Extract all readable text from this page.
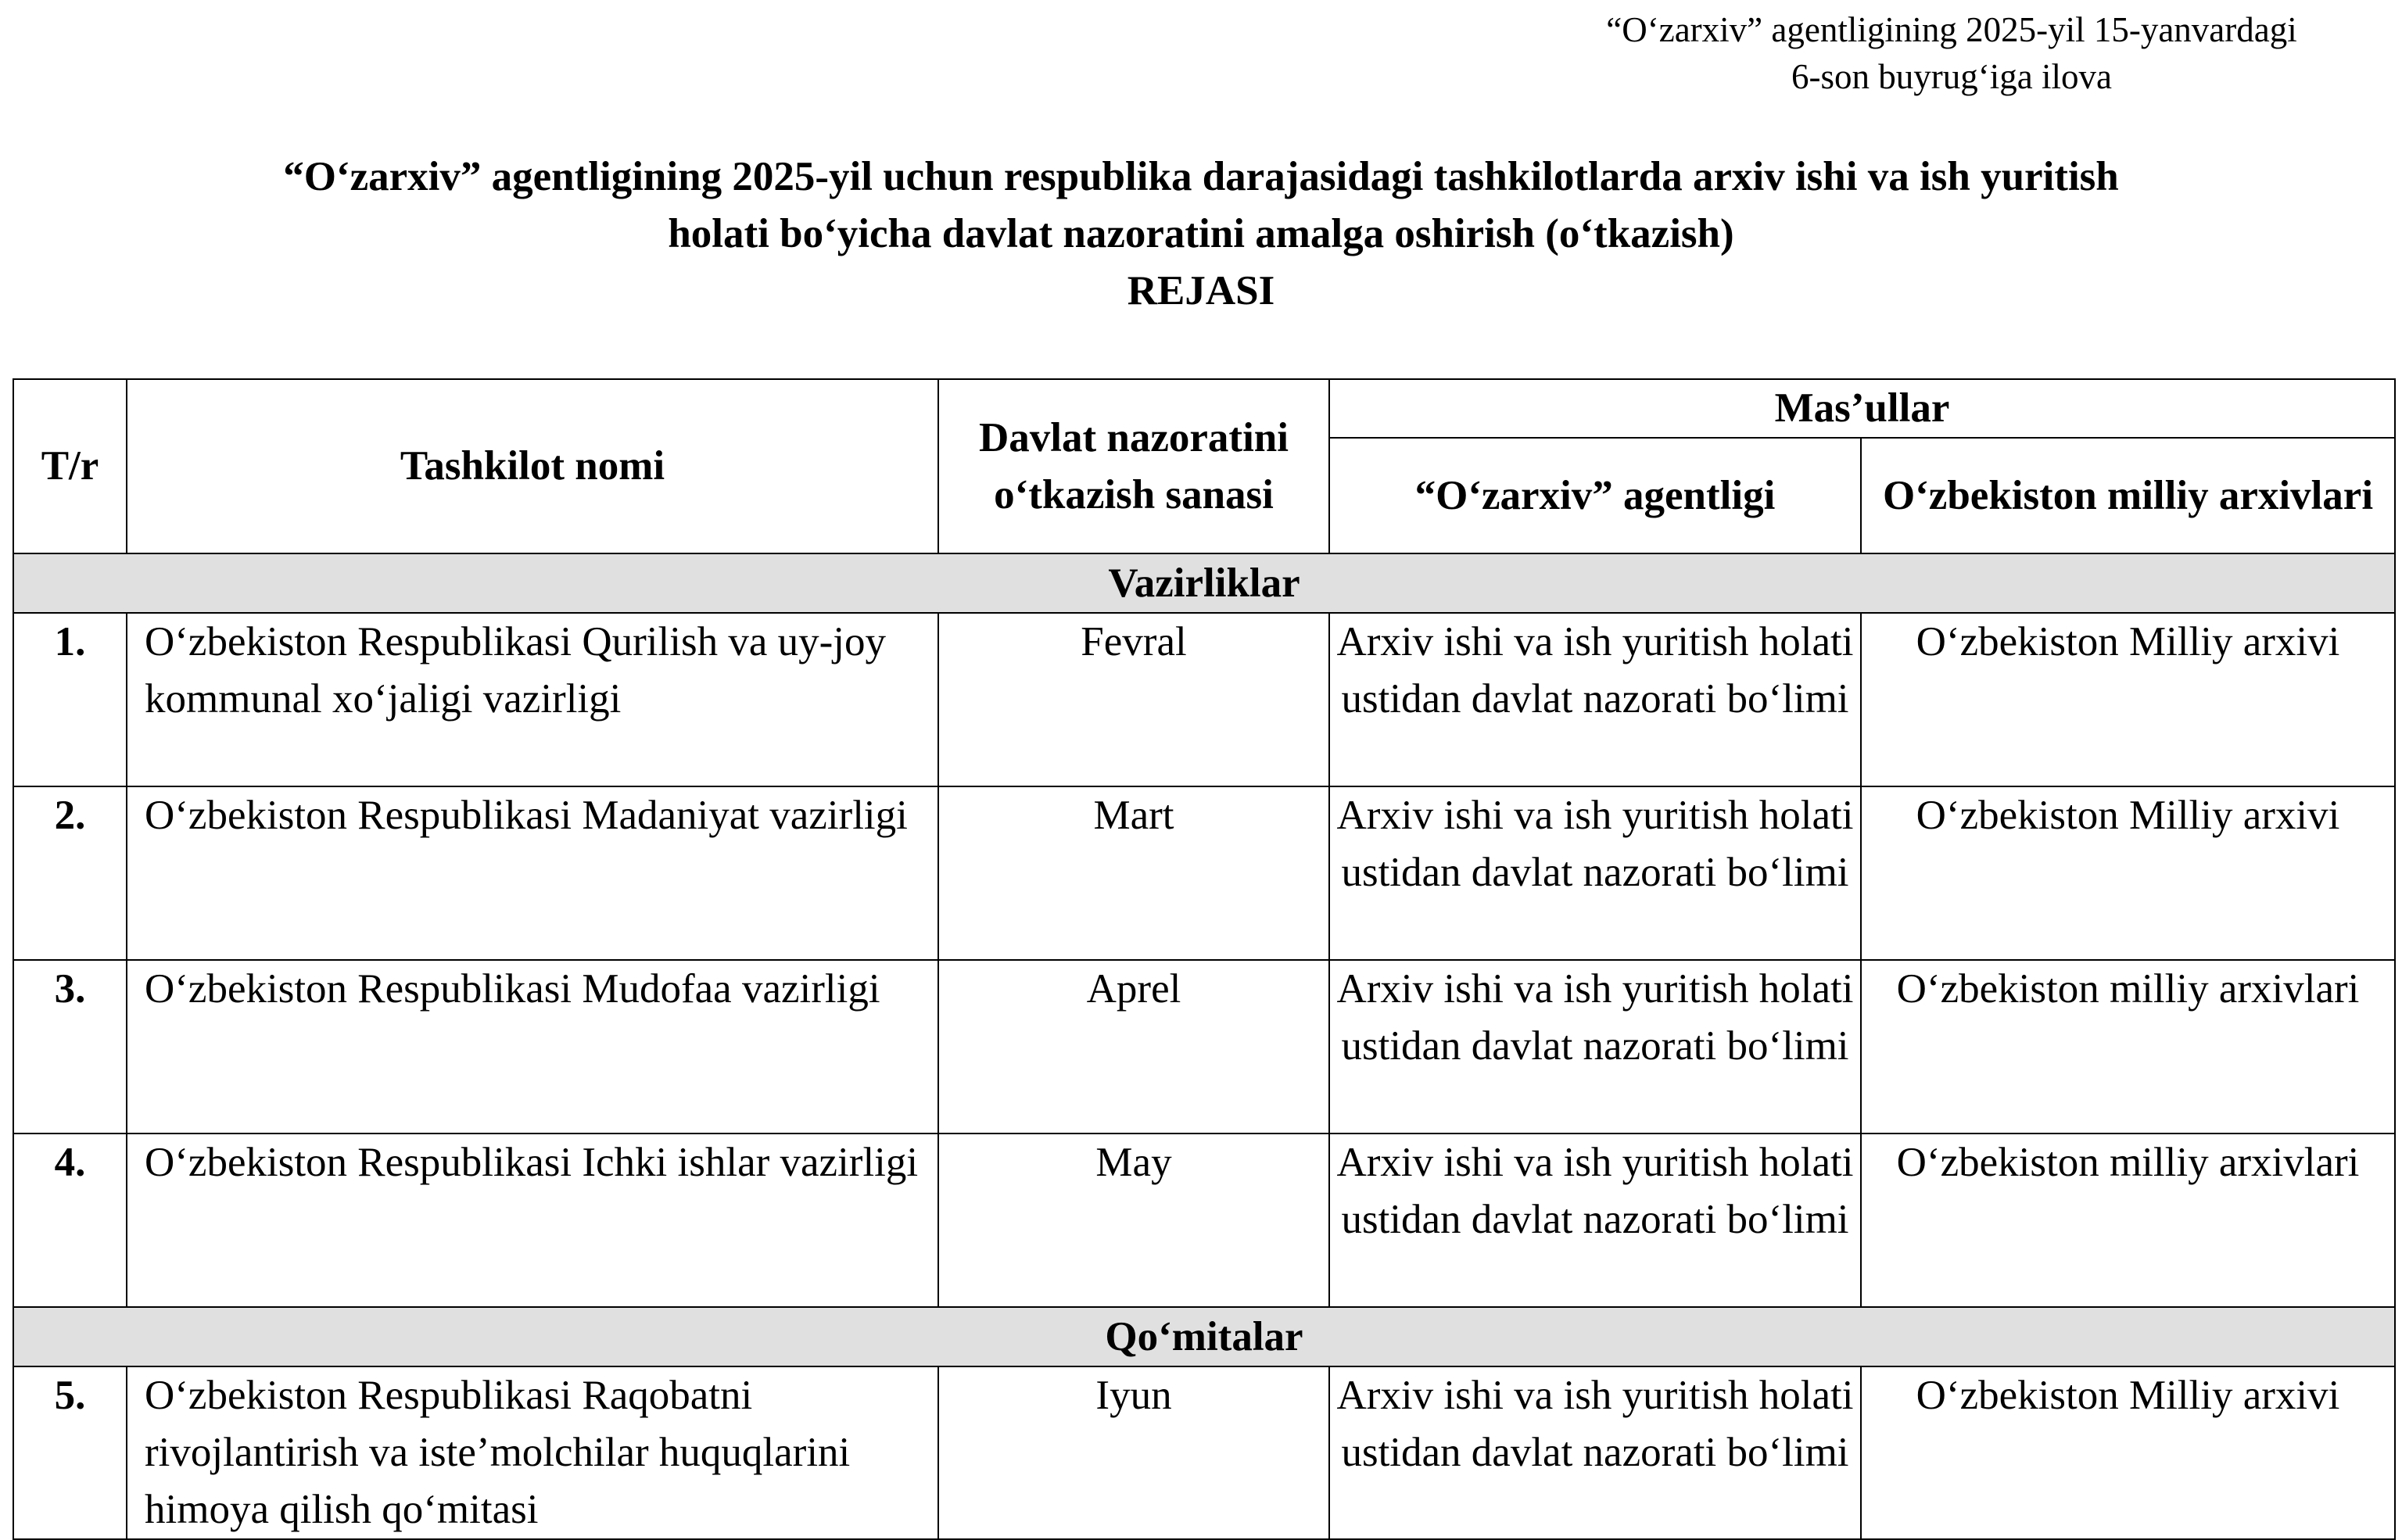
“O‘zarxiv” agentligining 2025-yil 15-yanvardagi
6-son buyrug‘iga ilova
“O‘zarxiv” agentligining 2025-yil uchun respublika darajasidagi tashkilotlarda arxiv ishi va ish yuritish
holati bo‘yicha davlat nazoratini amalga oshirish (o‘tkazish)
REJASI
T/r	Tashkilot nomi	Davlat nazoratini o‘tkazish sanasi	Mas’ullar	
			“O‘zarxiv” agentligi	O‘zbekiston milliy arxivlari
Vazirliklar				
1.	O‘zbekiston Respublikasi Qurilish va uy-joy kommunal xo‘jaligi vazirligi	Fevral	Arxiv ishi va ish yuritish holati ustidan davlat nazorati bo‘limi	O‘zbekiston Milliy arxivi
2.	O‘zbekiston Respublikasi Madaniyat vazirligi	Mart	Arxiv ishi va ish yuritish holati ustidan davlat nazorati bo‘limi	O‘zbekiston Milliy arxivi
3.	O‘zbekiston Respublikasi Mudofaa vazirligi	Aprel	Arxiv ishi va ish yuritish holati ustidan davlat nazorati bo‘limi	O‘zbekiston milliy arxivlari
4.	O‘zbekiston Respublikasi Ichki ishlar vazirligi	May	Arxiv ishi va ish yuritish holati ustidan davlat nazorati bo‘limi	O‘zbekiston milliy arxivlari
Qo‘mitalar				
5.	O‘zbekiston Respublikasi Raqobatni rivojlantirish va iste’molchilar huquqlarini himoya qilish qo‘mitasi	Iyun	Arxiv ishi va ish yuritish holati ustidan davlat nazorati bo‘limi	O‘zbekiston Milliy arxivi
